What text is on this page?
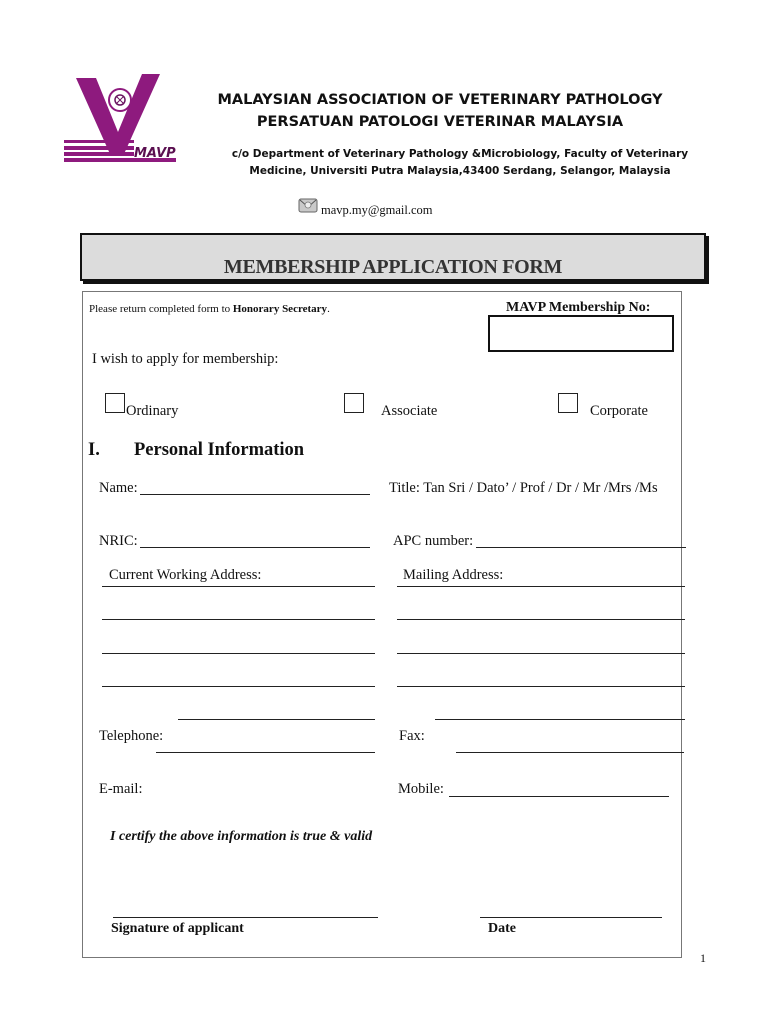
MAVP
MALAYSIAN ASSOCIATION OF VETERINARY PATHOLOGY
PERSATUAN PATOLOGI VETERINAR MALAYSIA
c/o Department of Veterinary Pathology &Microbiology, Faculty of Veterinary
Medicine, Universiti Putra Malaysia,43400 Serdang, Selangor, Malaysia
mavp.my@gmail.com
MEMBERSHIP APPLICATION FORM
Please return completed form to Honorary Secretary.	MAVP Membership No:
I wish to apply for membership:
Ordinary	Associate	Corporate
I. Personal Information
Name:	Title: Tan Sri / Dato’ / Prof / Dr / Mr /Mrs /Ms
NRIC:	APC number:
Current Working Address:	Mailing Address:
Telephone:	Fax:
E-mail:	Mobile:
I certify the above information is true & valid
Signature of applicant	Date
1
